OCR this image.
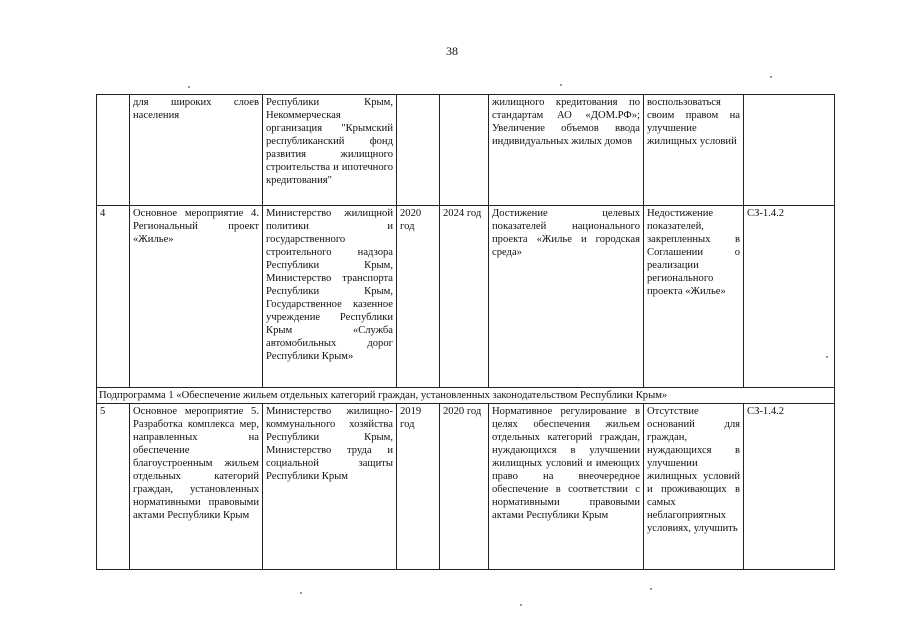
38
	для широких слоев населения	Республики Крым, Некоммерческая организация "Крымский республиканский фонд развития жилищного строительства и ипотечного кредитования"			жилищного кредитования по стандартам АО «ДОМ.РФ»; Увеличение объемов ввода индивидуальных жилых домов	воспользоваться своим правом на улучшение жилищных условий	
4	Основное мероприятие 4. Региональный проект «Жилье»	Министерство жилищной политики и государственного строительного надзора Республики Крым, Министерство транспорта Республики Крым, Государственное казенное учреждение Республики Крым «Служба автомобильных дорог Республики Крым»	2020 год	2024 год	Достижение целевых показателей национального проекта «Жилье и городская среда»	Недостижение показателей, закрепленных в Соглашении о реализации регионального проекта «Жилье»	СЗ-1.4.2
Подпрограмма 1 «Обеспечение жильем отдельных категорий граждан, установленных законодательством Республики Крым»							
5	Основное мероприятие 5. Разработка комплекса мер, направленных на обеспечение благоустроенным жильем отдельных категорий граждан, установленных нормативными правовыми актами Республики Крым	Министерство жилищно-коммунального хозяйства Республики Крым, Министерство труда и социальной защиты Республики Крым	2019 год	2020 год	Нормативное регулирование в целях обеспечения жильем отдельных категорий граждан, нуждающихся в улучшении жилищных условий и имеющих право на внеочередное обеспечение в соответствии с нормативными правовыми актами Республики Крым	Отсутствие оснований для граждан, нуждающихся в улучшении жилищных условий и проживающих в самых неблагоприятных условиях, улучшить	СЗ-1.4.2
